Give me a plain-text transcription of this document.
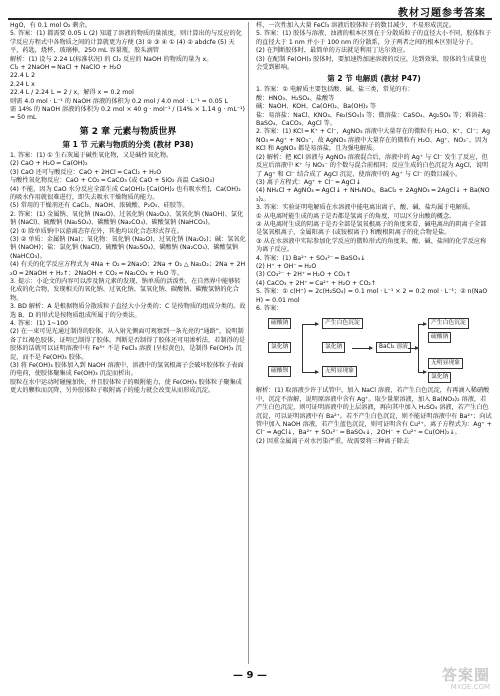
教材习题参考答案

HgO，有 0.1 mol O₂ 剩余。

5. 答案：(1) 都需要 0.05 L (2) 知道了溶液的物质的量浓度，则计算出的与反应的化学反应方程式中各物质之间的计算就更为方便 (3) ② ③ ④ ① (4) ② abdcfe (5) 天平，药匙，烧杯，玻璃棒，250 mL 容量瓶，胶头滴管

解析：(1) 设与 2.24 L(标准状况) 的 Cl₂ 反应的 NaOH 的物质的量为 x。

Cl₂ + 2NaOH ═ NaCl + NaClO + H₂O

22.4 L 2

2.24 L x

22.4 L / 2.24 L = 2 / x，解得 x = 0.2 mol

则需 4.0 mol · L⁻¹ 的 NaOH 溶液的体积为 0.2 mol / 4.0 mol · L⁻¹ = 0.05 L

需 14% 的 NaOH 溶液的体积为 0.2 mol × 40 g · mol⁻¹ / (14% × 1.14 g · mL⁻¹) ≈ 50 mL

第 2 章 元素与物质世界
第 1 节 元素与物质的分类 (教材 P38)

1. 答案：(1) ① 生石灰属于碱性氧化物，又是碱性氧化物。

(2) CaO + H₂O ═ Ca(OH)₂

(3) CaO 还可与酸反应：CaO + 2HCl ═ CaCl₂ + H₂O

与酸性氧化物反应：CaO + CO₂ ═ CaCO₃ (或 CaO + SiO₂ 高温 CaSiO₃)

(4) 不能，因为 CaO 水分反应全部生成 Ca(OH)₂ [Ca(OH)₂ 也有吸水性]，Ca(OH)₂ 的吸水作用就很难进行，即失去吸水干燥物质的能力。

(5) 常用的干燥剂还有 CaCl₂、NaOH、浓硫酸、P₂O₅、硅胶等。

2. 答案：(1) 金属钠、氧化钠 (Na₂O)、过氧化钠 (Na₂O₂)、氢氧化钠 (NaOH)、氯化钠 (NaCl)、硫酸钠 (Na₂SO₄)、碳酸钠 (Na₂CO₃)、碳酸氢钠 (NaHCO₃)。

(2) ① 除单质钠中以游离态存在外，其他均以化合态形式存在。

(3) ② 单质：金属钠 (Na)；氧化物：氧化钠 (Na₂O)、过氧化钠 (Na₂O₂)；碱：氢氧化钠 (NaOH)；盐：氯化钠 (NaCl)、硫酸钠 (Na₂SO₄)、碳酸钠 (Na₂CO₃)、碳酸氢钠 (NaHCO₃)。

(4) 有关的化学反应方程式为 4Na + O₂ ═ 2Na₂O；2Na + O₂ △ Na₂O₂；2Na + 2H₂O ═ 2NaOH + H₂↑；2NaOH + CO₂ ═ Na₂CO₃ + H₂O 等。

3. 提示：小论文的内容可以涉及钠元素的发现、钠单质的活泼性，在自然界中能够转化成的化合物，发现相关的氧化钠、过氧化钠、氢氧化钠、碳酸钠、碳酸氢钠的化合物。

3. BD 解析：A 是根据物质分散质粒子直径大小分类的；C 是按物质的组成分类的。故选 B、D 的形式是按物质组成所属于的分类法。

4. 答案：(1) 1~100

(2) 在一束可见光通过制得的胶体，从入射光侧面可观察到一条光亮的“通路”，说明制备了红褐色胶体，证明已制得了胶体。判断是否制得了胶体还可用渗析法，若制得的是胶体的话就可以证明溶液中有 Fe³⁺ 不是 FeCl₃ 溶液 (呈棕黄色)，是制得 Fe(OH)₃ 沉淀，而不是 Fe(OH)₃ 胶体。

(3) 将 Fe(OH)₃ 胶体加入到 NaOH 溶液中，溶液中的氢氧根离子会破坏胶体粒子表面的电荷，使胶体聚集成 Fe(OH)₃ 沉淀而析出。

胶粒在水中运动时碰撞加快，并且胶体粒子的吸附能力，使 Fe(OH)₃ 胶体粒子聚集成更大的颗粒而沉降，另外胶体粒子吸附离子的能力就会改变从而形成沉淀。

样，一次性加入大量 FeCl₃ 溶液后胶体粒子的数目减少，不易形成沉淀。

5. 答案：(1) 胶体与溶液、浊液的根本区别在于分散质粒子的直径大小不同，胶体粒子的直径大于 1 nm 并小于 100 nm 的分散系，分子两者之间的根本区别是分子。

(2) 在判断胶体时，最简单的方法就是利用丁达尔效应。

(3) 在配制 Fe(OH)₃ 胶体时，要加速热加速溶液的反应，达到效果，胶体的生成量也会受到影响。

第 2 节 电解质 (教材 P47)

1. 答案：① 电解质主要包括酸、碱、盐三类，常见的有：

酸：HNO₃、H₂SO₄、盐酸等

碱：NaOH、KOH、Ca(OH)₂、Ba(OH)₂ 等

盐：易溶盐：NaCl、KNO₃、Fe₂(SO₄)₃ 等；微溶盐：CaSO₄、Ag₂SO₄ 等；难溶盐：BaSO₄、CaCO₃、AgCl 等。

2. 答案：(1) KCl ═ K⁺ + Cl⁻，AgNO₃ 溶液中大量存在的微粒有 H₂O、K⁺、Cl⁻；AgNO₃ ═ Ag⁺ + NO₃⁻，故 AgNO₃ 溶液中大量存在的微粒有 H₂O、Ag⁺、NO₃⁻。因为 KCl 和 AgNO₃ 都是易溶盐，且为强电解质。

(2) 解析：把 KCl 溶液与 AgNO₃ 溶液混合后，溶液中的 Ag⁺ 与 Cl⁻ 发生了反应，但反应后溶液中 K⁺ 与 NO₃⁻ 的个数与混合前相同；反应生成的白色沉淀为 AgCl，说明了 Ag⁺ 和 Cl⁻ 结合成了 AgCl 沉淀，使溶液中的 Ag⁺ 与 Cl⁻ 的数目减小。

(3) 离子方程式：Ag⁺ + Cl⁻ ═ AgCl↓

(4) NH₄Cl + AgNO₃ ═ AgCl↓ + NH₄NO₃，BaCl₂ + 2AgNO₃ ═ 2AgCl↓ + Ba(NO₃)₂。

3. 答案：实验证明电解质在水溶液中能电离出离子，酸、碱、盐均属于电解质。

① 从电离时能生成的离子是否都是氢离子的角度，可以区分出酸的概念。

② 从电离时生成的阴离子是否全部是氢氧根离子的角度来看，碱电离出的阴离子全部是氢氧根离子，金属阳离子 (或铵根离子) 和酸根阴离子的化合物是盐。

③ 从在水溶液中实际参加化学反应的微粒形式的角度来，酸、碱、盐间的化学反应称为离子反应。

4. 答案：(1) Ba²⁺ + SO₄²⁻ ═ BaSO₄↓

(2) H⁺ + OH⁻ ═ H₂O

(3) CO₃²⁻ + 2H⁺ ═ H₂O + CO₂↑

(4) CaCO₃ + 2H⁺ ═ Ca²⁺ + H₂O + CO₂↑

5. 答案：① c(H⁺) = 2c(H₂SO₄) = 0.1 mol · L⁻¹ × 2 = 0.2 mol · L⁻¹；② n(NaOH) = 0.01 mol

6. 答案：

硫酸钠
氯化钠
硫酸钡
产生白色沉淀
无明显现象
氯化钠	BaCl₂ 溶液
产生白色沉淀
硫酸钠
无明显现象
氯化钠

解析：(1) 取溶液少许于试管中，加入 NaCl 溶液，若产生白色沉淀，有再滴入稀硝酸中，沉淀不溶解，说明原溶液中含有 Ag⁺。取少量原溶液，加入 Ba(NO₃)₂ 溶液，若产生白色沉淀，则可证明溶液中的上层溶液，再向其中加入 H₂SO₄ 溶液，若产生白色沉淀，可以证明溶液中有 Ba²⁺。若不产生白色沉淀，则不能证明溶液中有 Ba²⁺；向试管中加入 NaOH 溶液，若产生蓝色沉淀，则可证明含有 Cu²⁺。离子方程式为：Ag⁺ + Cl⁻ ═ AgCl↓，Ba²⁺ + SO₄²⁻ ═ BaSO₄↓，2OH⁻ + Cu²⁺ ═ Cu(OH)₂↓。

(2) 因重金属离子对水污染严重，故需要将三种离子除去

— 9 —	答案圈
MXQE.COM
